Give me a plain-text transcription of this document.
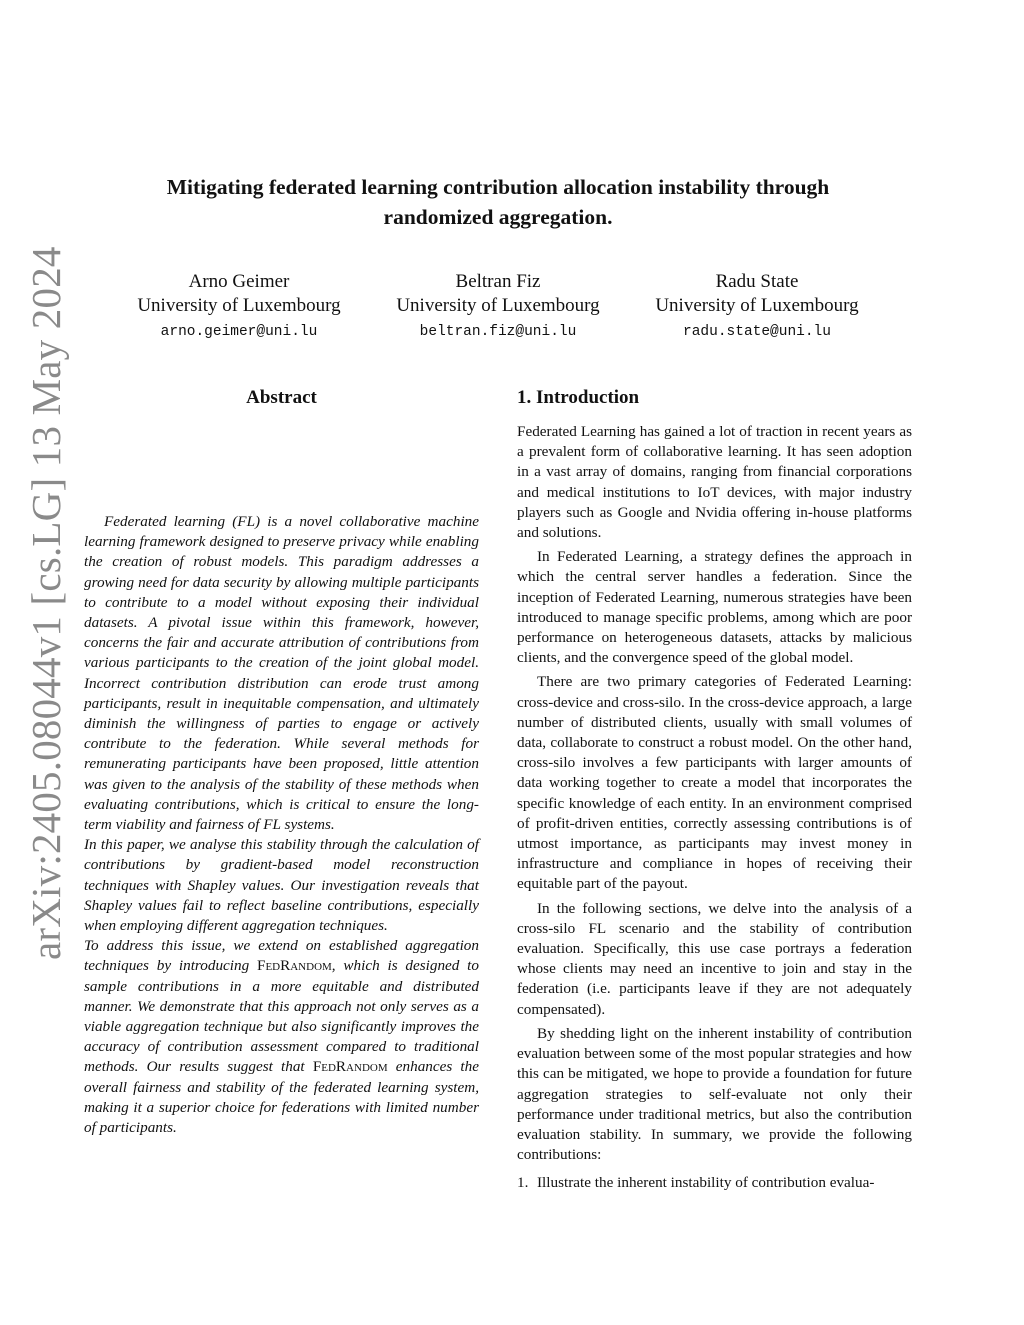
arXiv:2405.08044v1 [cs.LG] 13 May 2024
Mitigating federated learning contribution allocation instability through randomized aggregation.
Arno Geimer
University of Luxembourg
arno.geimer@uni.lu
Beltran Fiz
University of Luxembourg
beltran.fiz@uni.lu
Radu State
University of Luxembourg
radu.state@uni.lu
Abstract

Federated learning (FL) is a novel collaborative machine learning framework designed to preserve privacy while enabling the creation of robust models. This paradigm addresses a growing need for data security by allowing multiple participants to contribute to a model without exposing their individual datasets. A pivotal issue within this framework, however, concerns the fair and accurate attribution of contributions from various participants to the creation of the joint global model. Incorrect contribution distribution can erode trust among participants, result in inequitable compensation, and ultimately diminish the willingness of parties to engage or actively contribute to the federation. While several methods for remunerating participants have been proposed, little attention was given to the analysis of the stability of these methods when evaluating contributions, which is critical to ensure the long-term viability and fairness of FL systems.

In this paper, we analyse this stability through the calculation of contributions by gradient-based model reconstruction techniques with Shapley values. Our investigation reveals that Shapley values fail to reflect baseline contributions, especially when employing different aggregation techniques.

To address this issue, we extend on established aggregation techniques by introducing FedRandom, which is designed to sample contributions in a more equitable and distributed manner. We demonstrate that this approach not only serves as a viable aggregation technique but also significantly improves the accuracy of contribution assessment compared to traditional methods. Our results suggest that FedRandom enhances the overall fairness and stability of the federated learning system, making it a superior choice for federations with limited number of participants.

1. Introduction

Federated Learning has gained a lot of traction in recent years as a prevalent form of collaborative learning. It has seen adoption in a vast array of domains, ranging from financial corporations and medical institutions to IoT devices, with major industry players such as Google and Nvidia offering in-house platforms and solutions.

In Federated Learning, a strategy defines the approach in which the central server handles a federation. Since the inception of Federated Learning, numerous strategies have been introduced to manage specific problems, among which are poor performance on heterogeneous datasets, attacks by malicious clients, and the convergence speed of the global model.

There are two primary categories of Federated Learning: cross-device and cross-silo. In the cross-device approach, a large number of distributed clients, usually with small volumes of data, collaborate to construct a robust model. On the other hand, cross-silo involves a few participants with larger amounts of data working together to create a model that incorporates the specific knowledge of each entity. In an environment comprised of profit-driven entities, correctly assessing contributions is of utmost importance, as participants may invest money in infrastructure and compliance in hopes of receiving their equitable part of the payout.

In the following sections, we delve into the analysis of a cross-silo FL scenario and the stability of contribution evaluation. Specifically, this use case portrays a federation whose clients may need an incentive to join and stay in the federation (i.e. participants leave if they are not adequately compensated).

By shedding light on the inherent instability of contribution evaluation between some of the most popular strategies and how this can be mitigated, we hope to provide a foundation for future aggregation strategies to self-evaluate not only their performance under traditional metrics, but also the contribution evaluation stability. In summary, we provide the following contributions:

1. Illustrate the inherent instability of contribution evalua-
